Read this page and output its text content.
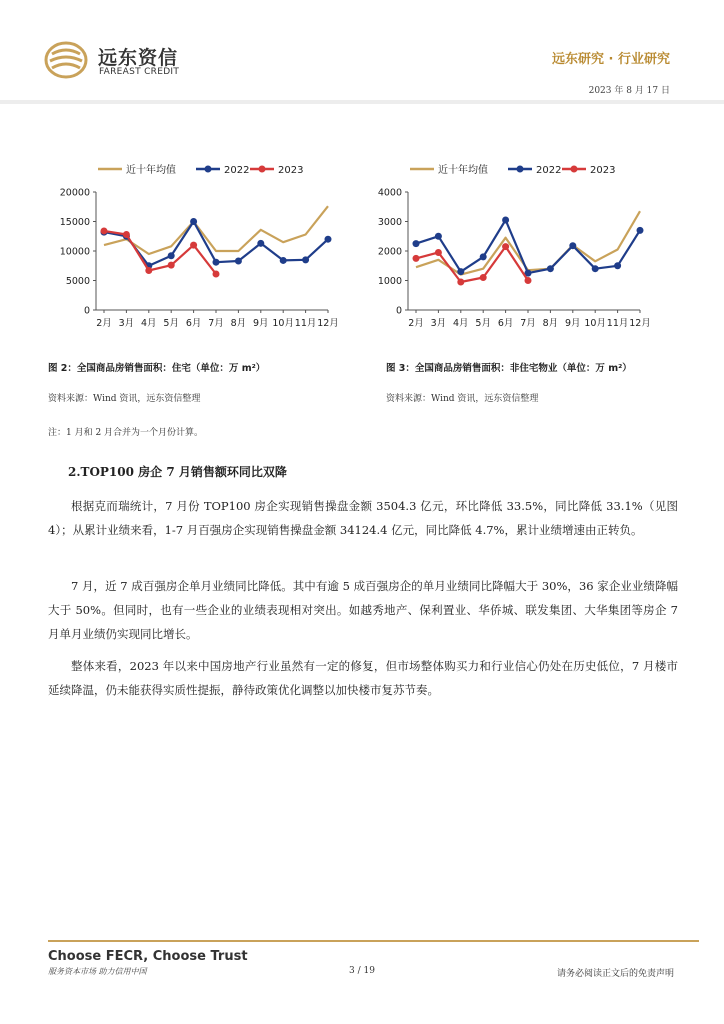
远东资信
FAREAST CREDIT
远东研究 · 行业研究
2023 年 8 月 17 日
近十年均值	2022	2023
0
5000
10000
15000
20000
2月 3月 4月 5月 6月 7月 8月 9月 10月 11月 12月
图 2：全国商品房销售面积：住宅（单位：万 m²）
资料来源：Wind 资讯，远东资信整理
近十年均值	2022	2023
0
1000
2000
3000
4000
2月 3月 4月 5月 6月 7月 8月 9月 10月 11月 12月
图 3：全国商品房销售面积：非住宅物业（单位：万 m²）
资料来源：Wind 资讯，远东资信整理
注：1 月和 2 月合并为一个月份计算。
2.TOP100 房企 7 月销售额环同比双降
根据克而瑞统计，7 月份 TOP100 房企实现销售操盘金额 3504.3 亿元，环比降低 33.5%，同比降低 33.1%（见图 4）；从累计业绩来看，1-7 月百强房企实现销售操盘金额 34124.4 亿元，同比降低 4.7%，累计业绩增速由正转负。
7 月，近 7 成百强房企单月业绩同比降低。其中有逾 5 成百强房企的单月业绩同比降幅大于 30%，36 家企业业绩降幅大于 50%。但同时，也有一些企业的业绩表现相对突出。如越秀地产、保利置业、华侨城、联发集团、大华集团等房企 7 月单月业绩仍实现同比增长。
整体来看，2023 年以来中国房地产行业虽然有一定的修复，但市场整体购买力和行业信心仍处在历史低位，7 月楼市延续降温，仍未能获得实质性提振，静待政策优化调整以加快楼市复苏节奏。
Choose FECR, Choose Trust
服务资本市场 助力信用中国	3 / 19	请务必阅读正文后的免责声明
